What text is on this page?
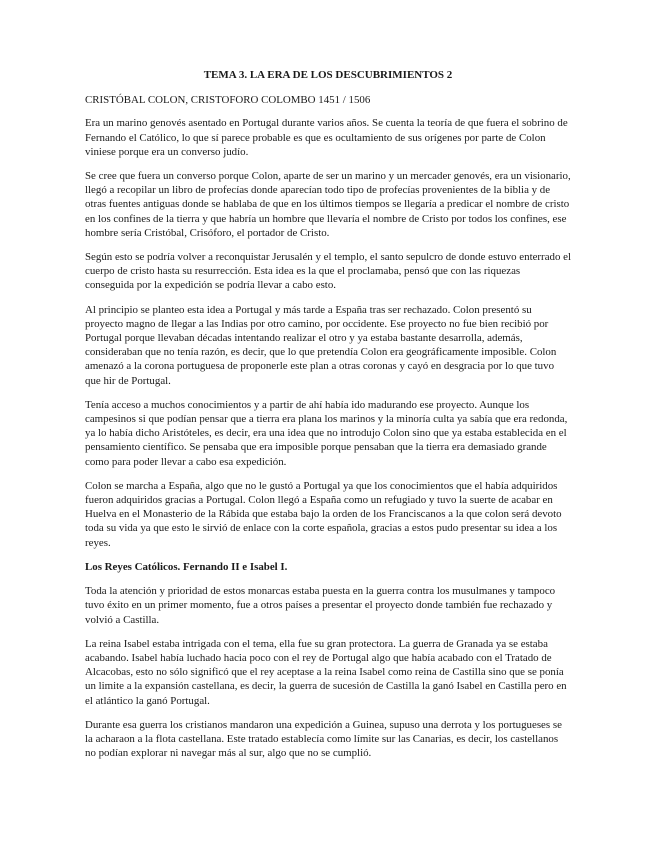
TEMA 3. LA ERA DE LOS DESCUBRIMIENTOS 2
CRISTÓBAL COLON, CRISTOFORO COLOMBO 1451 / 1506

Era un marino genovés asentado en Portugal durante varios años. Se cuenta la teoría de que fuera el sobrino de Fernando el Católico, lo que sí parece probable es que es ocultamiento de sus orígenes por parte de Colon viniese porque era un converso judío.

Se cree que fuera un converso porque Colon, aparte de ser un marino y un mercader genovés, era un visionario, llegó a recopilar un libro de profecías donde aparecían todo tipo de profecías provenientes de la biblia y de otras fuentes antiguas donde se hablaba de que en los últimos tiempos se llegaría a predicar el nombre de cristo en los confines de la tierra y que habría un hombre que llevaría el nombre de Cristo por todos los confines, ese hombre sería Cristóbal, Crisóforo, el portador de Cristo.

Según esto se podría volver a reconquistar Jerusalén y el templo, el santo sepulcro de donde estuvo enterrado el cuerpo de cristo hasta su resurrección. Esta idea es la que el proclamaba, pensó que con las riquezas conseguida por la expedición se podría llevar a cabo esto.

Al principio se planteo esta idea a Portugal y más tarde a España tras ser rechazado. Colon presentó su proyecto magno de llegar a las Indias por otro camino, por occidente. Ese proyecto no fue bien recibió por Portugal porque llevaban décadas intentando realizar el otro y ya estaba bastante desarrolla, además, consideraban que no tenía razón, es decir, que lo que pretendía Colon era geográficamente imposible. Colon amenazó a la corona portuguesa de proponerle este plan a otras coronas y cayó en desgracia por lo que tuvo que hir de Portugal.

Tenía acceso a muchos conocimientos y a partir de ahí había ido madurando ese proyecto. Aunque los campesinos si que podían pensar que a tierra era plana los marinos y la minoría culta ya sabía que era redonda, ya lo había dicho Aristóteles, es decir, era una idea que no introdujo Colon sino que ya estaba establecida en el pensamiento científico. Se pensaba que era imposible porque pensaban que la tierra era demasiado grande como para poder llevar a cabo esa expedición.

Colon se marcha a España, algo que no le gustó a Portugal ya que los conocimientos que el había adquiridos fueron adquiridos gracias a Portugal. Colon llegó a España como un refugiado y tuvo la suerte de acabar en Huelva en el Monasterio de la Rábida que estaba bajo la orden de los Franciscanos a la que colon será devoto toda su vida ya que esto le sirvió de enlace con la corte española, gracias a estos pudo presentar su idea a los reyes.

Los Reyes Católicos. Fernando II e Isabel I.

Toda la atención y prioridad de estos monarcas estaba puesta en la guerra contra los musulmanes y tampoco tuvo éxito en un primer momento, fue a otros países a presentar el proyecto donde también fue rechazado y volvió a Castilla.

La reina Isabel estaba intrigada con el tema, ella fue su gran protectora. La guerra de Granada ya se estaba acabando. Isabel había luchado hacia poco con el rey de Portugal algo que había acabado con el Tratado de Alcacobas, esto no sólo significó que el rey aceptase a la reina Isabel como reina de Castilla sino que se ponía un limite a la expansión castellana, es decir, la guerra de sucesión de Castilla la ganó Isabel en Castilla pero en el atlántico la ganó Portugal.

Durante esa guerra los cristianos mandaron una expedición a Guinea, supuso una derrota y los portugueses se la acharaon a la flota castellana. Este tratado establecía como límite sur las Canarias, es decir, los castellanos no podían explorar ni navegar más al sur, algo que no se cumplió.
